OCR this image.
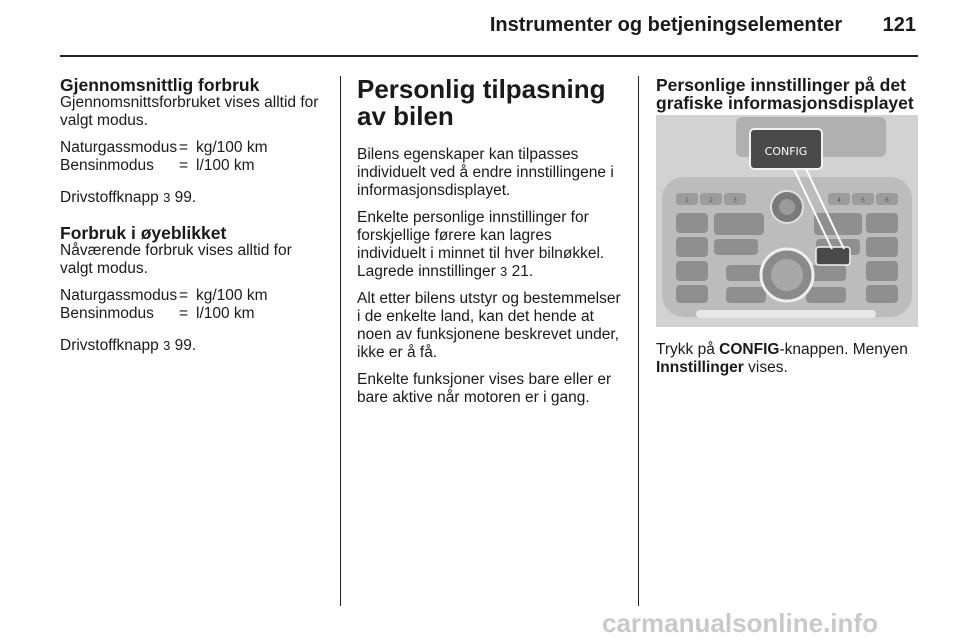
Instrumenter og betjeningselementer 121
Gjennomsnittlig forbruk

Gjennomsnittsforbruket vises alltid for valgt modus.

Naturgassmodus = kg/100 km
Bensinmodus	= l/100 km

Drivstoffknapp 3 99.

Forbruk i øyeblikket

Nåværende forbruk vises alltid for valgt modus.

Naturgassmodus = kg/100 km
Bensinmodus	= l/100 km

Drivstoffknapp 3 99.

Personlig tilpasning av bilen

Bilens egenskaper kan tilpasses individuelt ved å endre innstillingene i informasjonsdisplayet.

Enkelte personlige innstillinger for forskjellige førere kan lagres individuelt i minnet til hver bilnøkkel. Lagrede innstillinger 3 21.

Alt etter bilens utstyr og bestemmelser i de enkelte land, kan det hende at noen av funksjonene beskrevet under, ikke er å få.

Enkelte funksjoner vises bare eller er bare aktive når motoren er i gang.

Personlige innstillinger på det grafiske informasjonsdisplayet
1	2	3	4	5	6
CONFIG

Trykk på CONFIG-knappen. Menyen Innstillinger vises.

carmanualsonline.info
